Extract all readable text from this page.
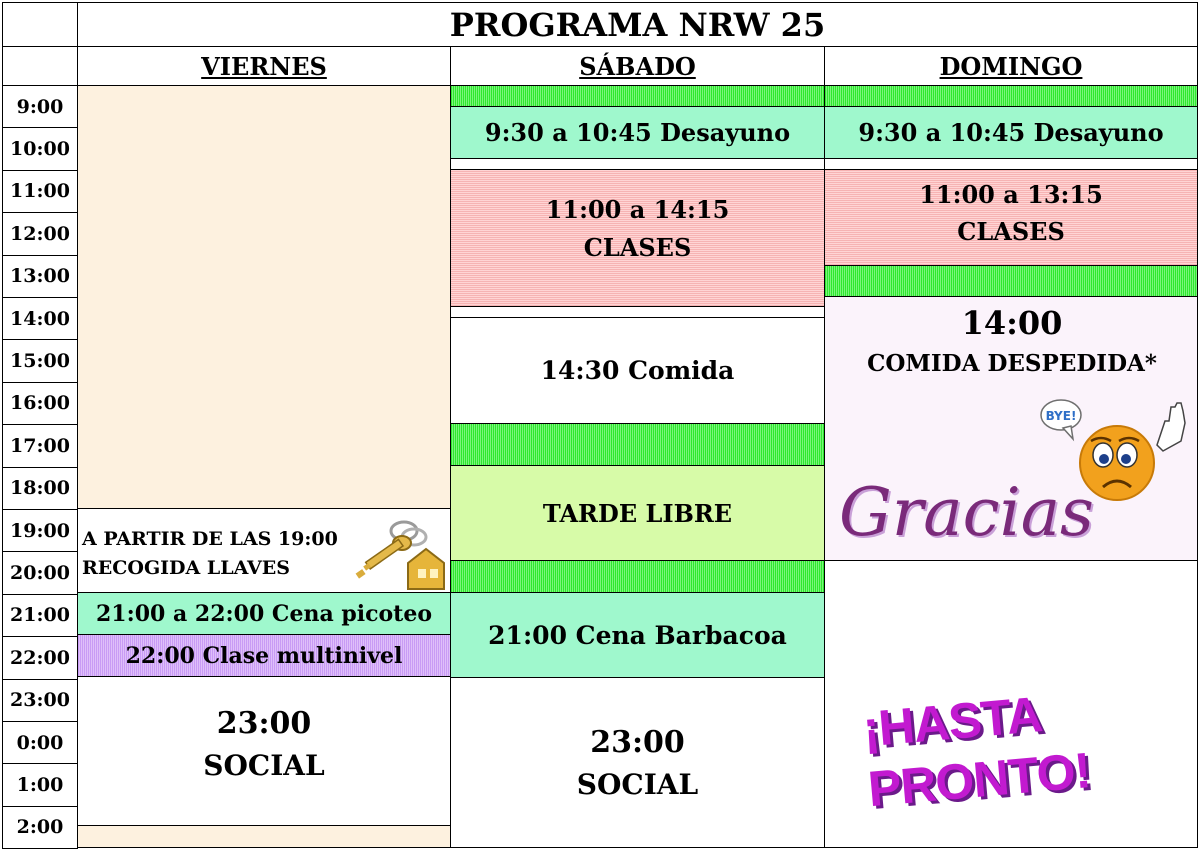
PROGRAMA NRW 25
VIERNES	SÁBADO	DOMINGO
9:00
10:00
11:00
12:00
13:00
14:00
15:00
16:00
17:00
18:00
19:00
20:00
21:00
22:00
23:00
0:00
1:00
2:00
A PARTIR DE LAS 19:00
RECOGIDA LLAVES
21:00 a 22:00 Cena picoteo
22:00 Clase multinivel
23:00
SOCIAL
9:30 a 10:45 Desayuno
11:00 a 14:15
CLASES
14:30 Comida
TARDE LIBRE
21:00 Cena Barbacoa
23:00
SOCIAL
9:30 a 10:45 Desayuno
11:00 a 13:15
CLASES
14:00
COMIDA DESPEDIDA*
BYE!
Gracias
¡HASTA PRONTO!
